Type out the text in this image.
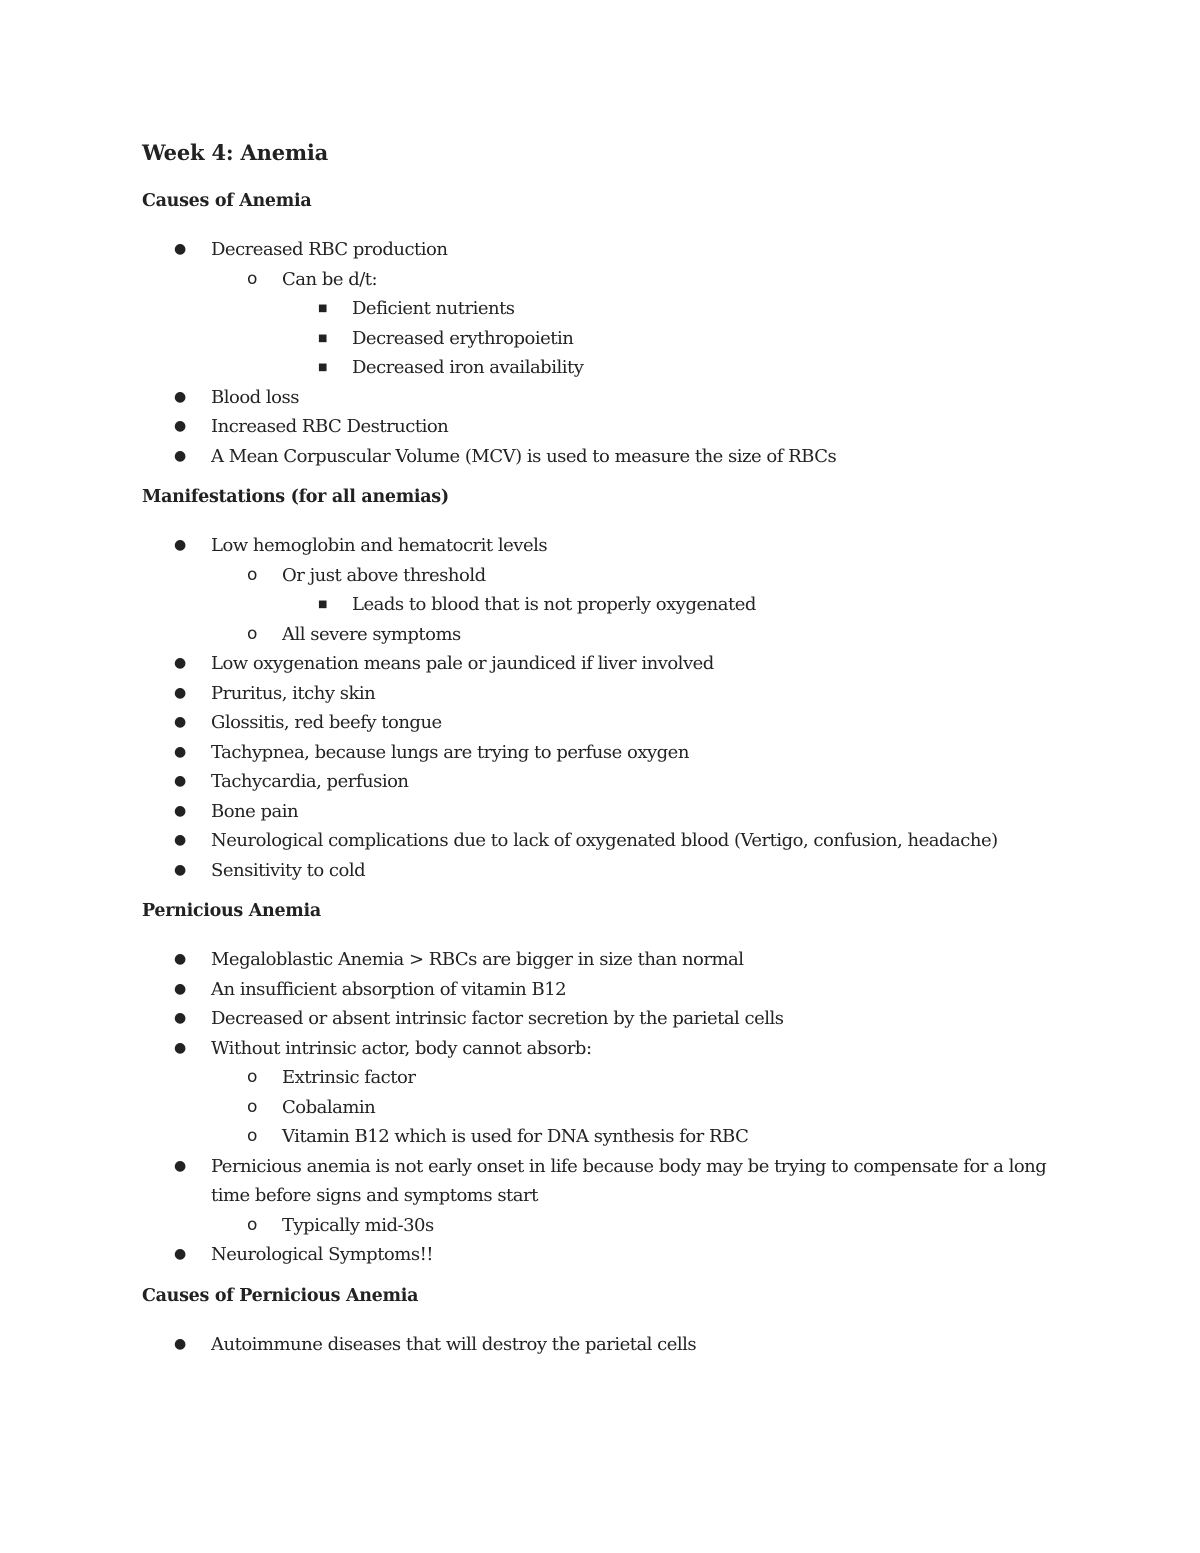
Week 4: Anemia
Causes of Anemia
● Decreased RBC production
o Can be d/t:
■ Deficient nutrients
■ Decreased erythropoietin
■ Decreased iron availability
● Blood loss
● Increased RBC Destruction
● A Mean Corpuscular Volume (MCV) is used to measure the size of RBCs
Manifestations (for all anemias)
● Low hemoglobin and hematocrit levels
o Or just above threshold
■ Leads to blood that is not properly oxygenated
o All severe symptoms
● Low oxygenation means pale or jaundiced if liver involved
● Pruritus, itchy skin
● Glossitis, red beefy tongue
● Tachypnea, because lungs are trying to perfuse oxygen
● Tachycardia, perfusion
● Bone pain
● Neurological complications due to lack of oxygenated blood (Vertigo, confusion, headache)
● Sensitivity to cold
Pernicious Anemia
● Megaloblastic Anemia > RBCs are bigger in size than normal
● An insufficient absorption of vitamin B12
● Decreased or absent intrinsic factor secretion by the parietal cells
● Without intrinsic actor, body cannot absorb:
o Extrinsic factor
o Cobalamin
o Vitamin B12 which is used for DNA synthesis for RBC
● Pernicious anemia is not early onset in life because body may be trying to compensate for a long time before signs and symptoms start
o Typically mid-30s
● Neurological Symptoms!!
Causes of Pernicious Anemia
● Autoimmune diseases that will destroy the parietal cells
